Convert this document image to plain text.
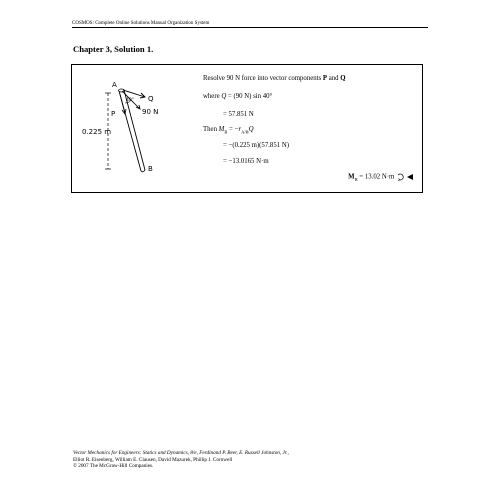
COSMOS: Complete Online Solutions Manual Organization System
Chapter 3, Solution 1.
A
Q
P
40°
90 N
0.225 m
B
Resolve 90 N force into vector components P and Q
where Q = (90 N) sin 40°
= 57.851 N
Then $M_B = -r_{A/B}Q$
= −(0.225 m)(57.851 N)
= −13.0165 N·m
$M_B = 13.02$ N·m
Vector Mechanics for Engineers: Statics and Dynamics, 8/e, Ferdinand P. Beer, E. Russell Johnston, Jr.,
Elliot R. Eisenberg, William E. Clausen, David Mazurek, Phillip J. Cornwell
© 2007 The McGraw-Hill Companies.
